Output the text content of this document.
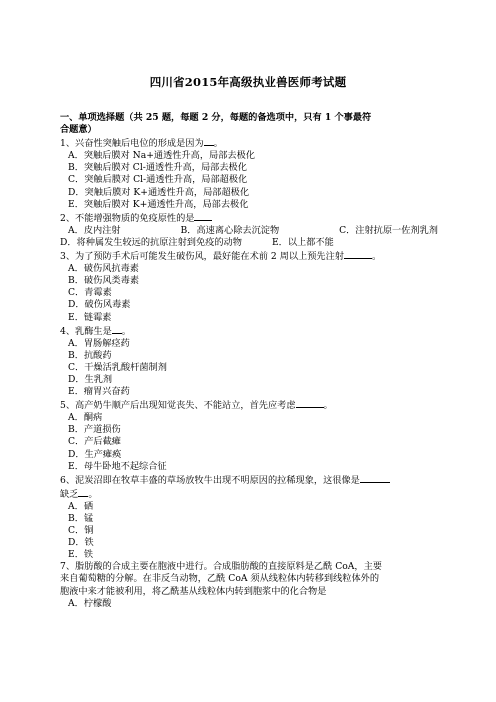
四川省2015年高级执业兽医师考试题
一、单项选择题（共 25 题，每题 2 分，每题的备选项中，只有 1 个事最符
合题意）
1、兴奋性突触后电位的形成是因为 。
A．突触后膜对 Na+通透性升高，局部去极化
B．突触后膜对 Cl-通透性升高，局部去极化
C．突触后膜对 Cl-通透性升高，局部超极化
D．突触后膜对 K+通透性升高，局部超极化
E．突触后膜对 K+通透性升高，局部去极化
2、不能增强物质的免疫原性的是
A．皮内注射	B．高速离心除去沉淀物	C．注射抗原一佐剂乳剂
D．将种属发生较远的抗原注射到免疫的动物	E．以上都不能
3、为了预防手术后可能发生破伤风，最好能在术前 2 周以上预先注射	。
A．破伤风抗毒素
B．破伤风类毒素
C．青霉素
D．破伤风毒素
E．链霉素
4、乳酶生是 。
A．胃肠解痉药
B．抗酸药
C．干燥活乳酸杆菌制剂
D．生乳剂
E．瘤胃兴奋药
5、高产奶牛顺产后出现知觉丧失、不能站立，首先应考虑	。
A．酮病
B．产道损伤
C．产后截瘫
D．生产瘫痪
E．母牛卧地不起综合征
6、泥炭沼即在牧草丰盛的草场放牧牛出现不明原因的拉稀现象，这很像是
缺乏 。
A．硒
B．锰
C．铜
D．铁
E．铁
7、脂肪酸的合成主要在胞液中进行。合成脂肪酸的直接原料是乙酰 CoA，主要
来自葡萄糖的分解。在非反刍动物，乙酰 CoA 须从线粒体内转移到线粒体外的
胞液中来才能被利用，将乙酰基从线粒体内转到胞浆中的化合物是
A．柠檬酸
